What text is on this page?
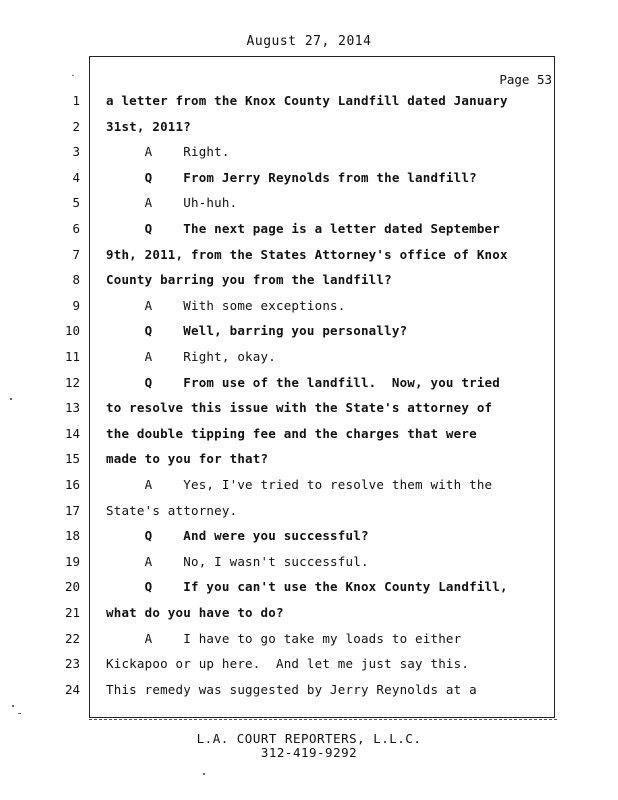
August 27, 2014
Page 53
1 a letter from the Knox County Landfill dated January
2 31st, 2011?
3 A    Right.
4 Q    From Jerry Reynolds from the landfill?
5 A    Uh-huh.
6 Q    The next page is a letter dated September
7 9th, 2011, from the States Attorney's office of Knox
8 County barring you from the landfill?
9 A    With some exceptions.
10 Q    Well, barring you personally?
11 A    Right, okay.
12 Q    From use of the landfill.  Now, you tried
13 to resolve this issue with the State's attorney of
14 the double tipping fee and the charges that were
15 made to you for that?
16 A    Yes, I've tried to resolve them with the
17 State's attorney.
18 Q    And were you successful?
19 A    No, I wasn't successful.
20 Q    If you can't use the Knox County Landfill,
21 what do you have to do?
22 A    I have to go take my loads to either
23 Kickapoo or up here.  And let me just say this.
24 This remedy was suggested by Jerry Reynolds at a
L.A. COURT REPORTERS, L.L.C.
312-419-9292
